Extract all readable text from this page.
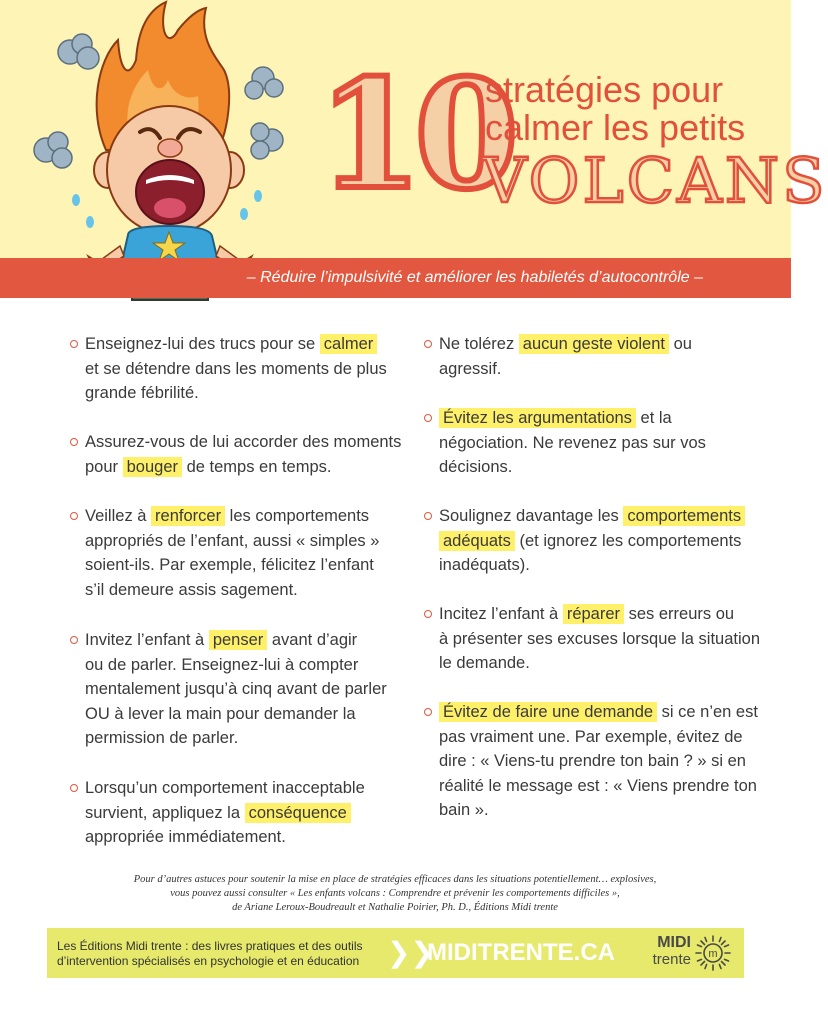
10
stratégies pour
calmer les petits
VOLCANS
– Réduire l’impulsivité et améliorer les habiletés d’autocontrôle –
Enseignez-lui des trucs pour se calmer
et se détendre dans les moments de plus
grande fébrilité.
Assurez-vous de lui accorder des moments
pour bouger de temps en temps.
Veillez à renforcer les comportements
appropriés de l’enfant, aussi « simples »
soient-ils. Par exemple, félicitez l’enfant
s’il demeure assis sagement.
Invitez l’enfant à penser avant d’agir
ou de parler. Enseignez-lui à compter
mentalement jusqu’à cinq avant de parler
OU à lever la main pour demander la
permission de parler.
Lorsqu’un comportement inacceptable
survient, appliquez la conséquence
appropriée immédiatement.
Ne tolérez aucun geste violent ou
agressif.
Évitez les argumentations et la
négociation. Ne revenez pas sur vos
décisions.
Soulignez davantage les comportements
adéquats (et ignorez les comportements
inadéquats).
Incitez l’enfant à réparer ses erreurs ou
à présenter ses excuses lorsque la situation
le demande.
Évitez de faire une demande si ce n’en est
pas vraiment une. Par exemple, évitez de
dire : « Viens-tu prendre ton bain ? » si en
réalité le message est : « Viens prendre ton
bain ».
Pour d’autres astuces pour soutenir la mise en place de stratégies efficaces dans les situations potentiellement… explosives,
vous pouvez aussi consulter « Les enfants volcans : Comprendre et prévenir les comportements difficiles »,
de Ariane Leroux-Boudreault et Nathalie Poirier, Ph. D., Éditions Midi trente
Les Éditions Midi trente : des livres pratiques et des outils
d’intervention spécialisés en psychologie et en éducation ❯❯
MIDITRENTE.CA	MIDI
trente m
